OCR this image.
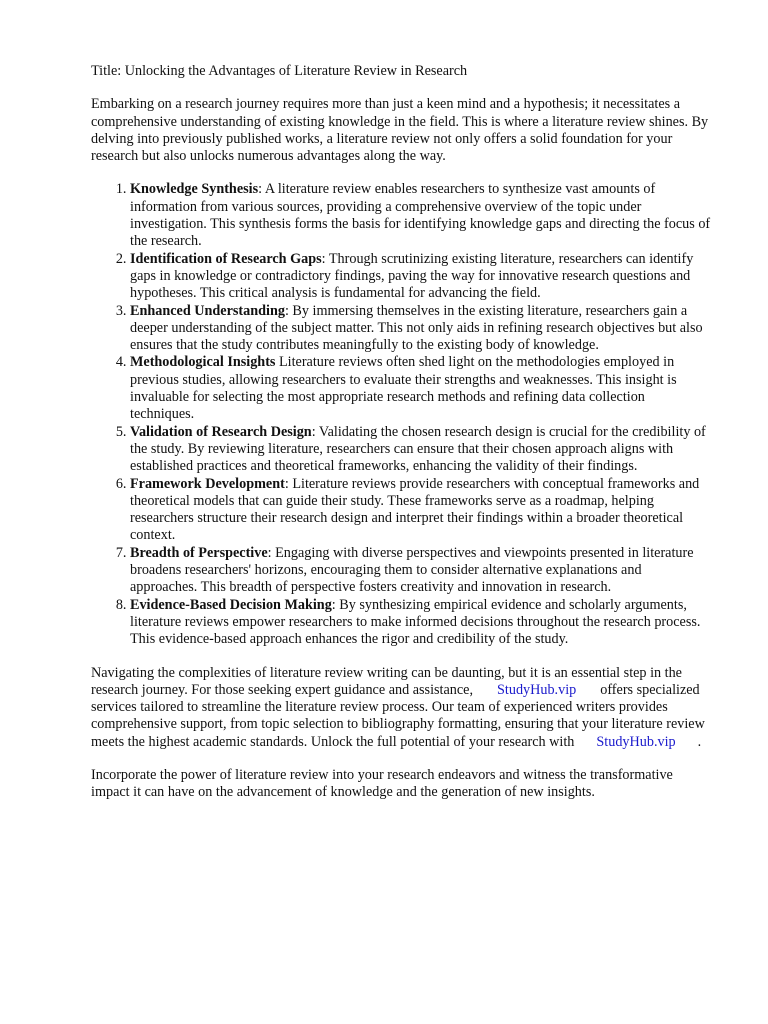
Title: Unlocking the Advantages of Literature Review in Research

Embarking on a research journey requires more than just a keen mind and a hypothesis; it necessitates a comprehensive understanding of existing knowledge in the field. This is where a literature review shines. By delving into previously published works, a literature review not only offers a solid foundation for your research but also unlocks numerous advantages along the way.

1. Knowledge Synthesis: A literature review enables researchers to synthesize vast amounts of information from various sources, providing a comprehensive overview of the topic under investigation. This synthesis forms the basis for identifying knowledge gaps and directing the focus of the research.
2. Identification of Research Gaps: Through scrutinizing existing literature, researchers can identify gaps in knowledge or contradictory findings, paving the way for innovative research questions and hypotheses. This critical analysis is fundamental for advancing the field.
3. Enhanced Understanding: By immersing themselves in the existing literature, researchers gain a deeper understanding of the subject matter. This not only aids in refining research objectives but also ensures that the study contributes meaningfully to the existing body of knowledge.
4. Methodological Insights Literature reviews often shed light on the methodologies employed in previous studies, allowing researchers to evaluate their strengths and weaknesses. This insight is invaluable for selecting the most appropriate research methods and refining data collection techniques.
5. Validation of Research Design: Validating the chosen research design is crucial for the credibility of the study. By reviewing literature, researchers can ensure that their chosen approach aligns with established practices and theoretical frameworks, enhancing the validity of their findings.
6. Framework Development: Literature reviews provide researchers with conceptual frameworks and theoretical models that can guide their study. These frameworks serve as a roadmap, helping researchers structure their research design and interpret their findings within a broader theoretical context.
7. Breadth of Perspective: Engaging with diverse perspectives and viewpoints presented in literature broadens researchers' horizons, encouraging them to consider alternative explanations and approaches. This breadth of perspective fosters creativity and innovation in research.
8. Evidence-Based Decision Making: By synthesizing empirical evidence and scholarly arguments, literature reviews empower researchers to make informed decisions throughout the research process. This evidence-based approach enhances the rigor and credibility of the study.

Navigating the complexities of literature review writing can be daunting, but it is an essential step in the research journey. For those seeking expert guidance and assistance, StudyHub.vip offers specialized services tailored to streamline the literature review process. Our team of experienced writers provides comprehensive support, from topic selection to bibliography formatting, ensuring that your literature review meets the highest academic standards. Unlock the full potential of your research with StudyHub.vip .

Incorporate the power of literature review into your research endeavors and witness the transformative impact it can have on the advancement of knowledge and the generation of new insights.
